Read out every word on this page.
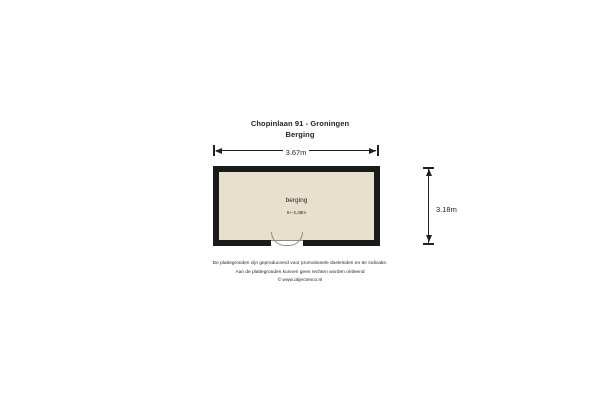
Chopinlaan 91 - Groningen
Berging
3.67m
3.18m
berging
5+-2,38m
De plattegronden zijn geproduceerd voor promotionele doeleinden en ter indicatie.
Aan de plattegronden kunnen geen rechten worden ontleend
© www.objectenco.nl
